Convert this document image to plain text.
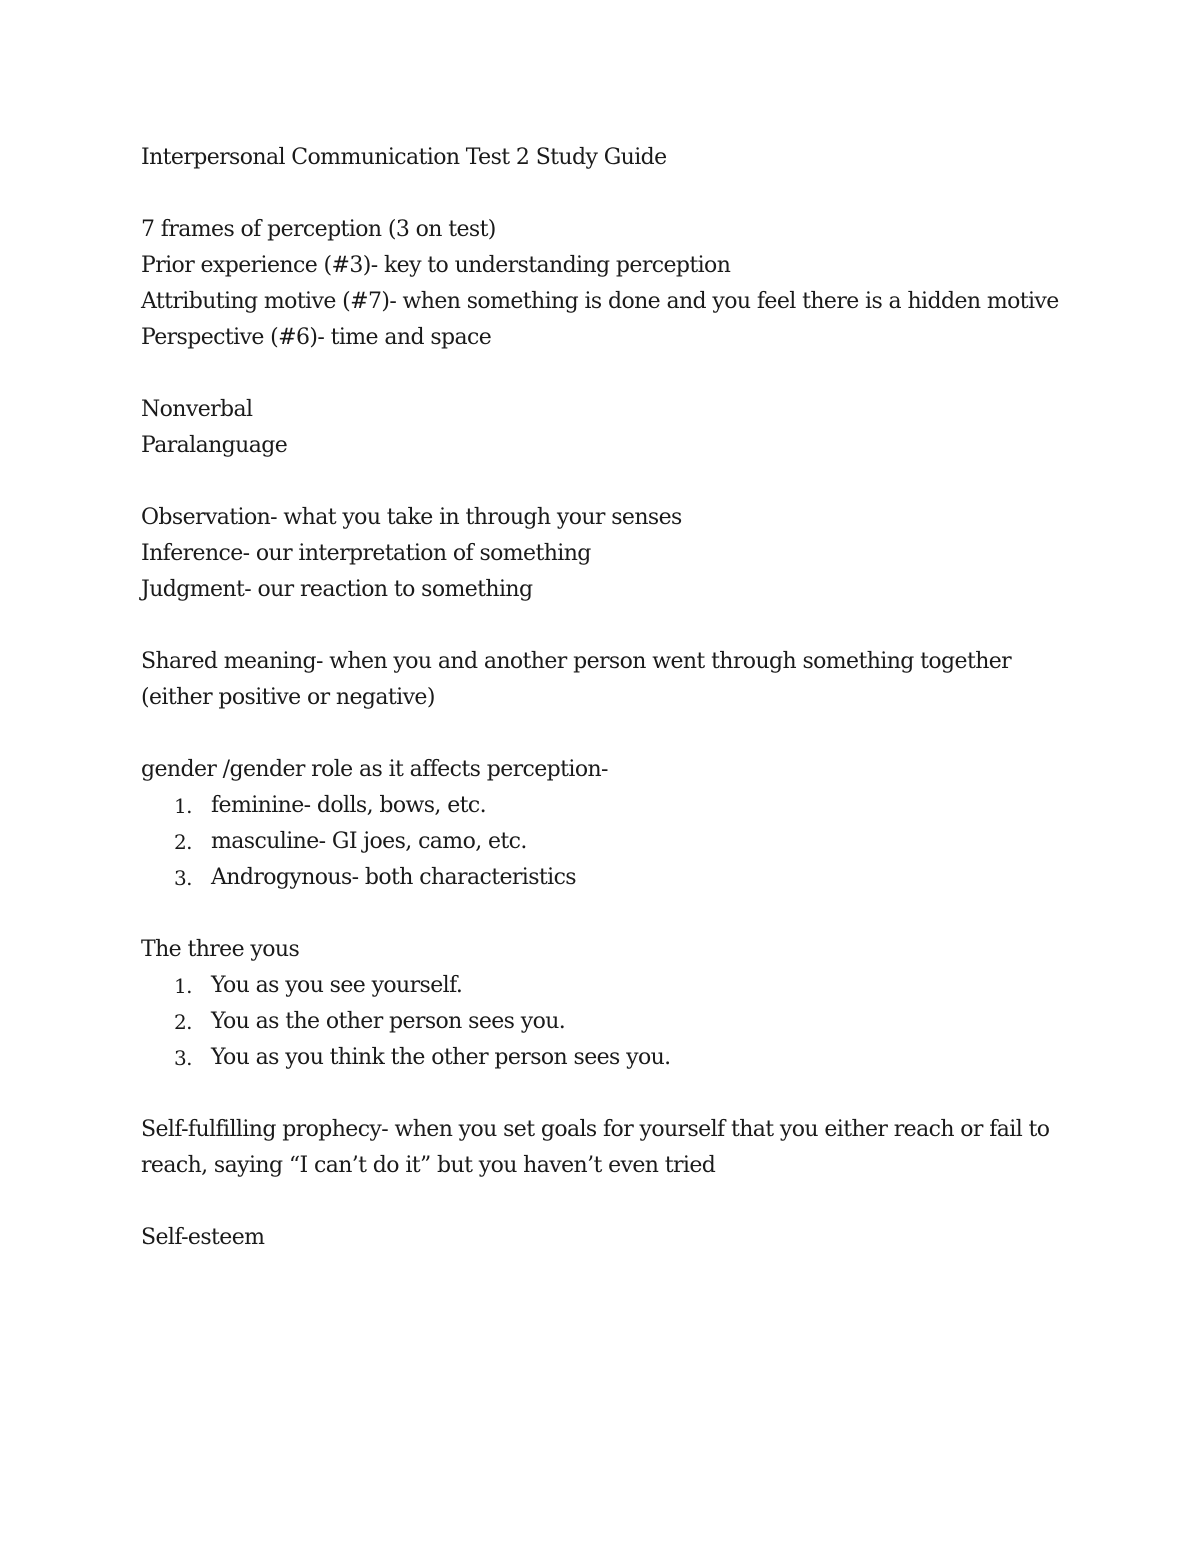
Interpersonal Communication Test 2 Study Guide
7 frames of perception (3 on test)
Prior experience (#3)- key to understanding perception
Attributing motive (#7)- when something is done and you feel there is a hidden motive
Perspective (#6)- time and space
Nonverbal
Paralanguage
Observation- what you take in through your senses
Inference- our interpretation of something
Judgment- our reaction to something
Shared meaning- when you and another person went through something together
(either positive or negative)
gender /gender role as it affects perception-
1. feminine- dolls, bows, etc.
2. masculine- GI joes, camo, etc.
3. Androgynous- both characteristics
The three yous
1. You as you see yourself.
2. You as the other person sees you.
3. You as you think the other person sees you.
Self-fulfilling prophecy- when you set goals for yourself that you either reach or fail to
reach, saying “I can’t do it” but you haven’t even tried
Self-esteem
